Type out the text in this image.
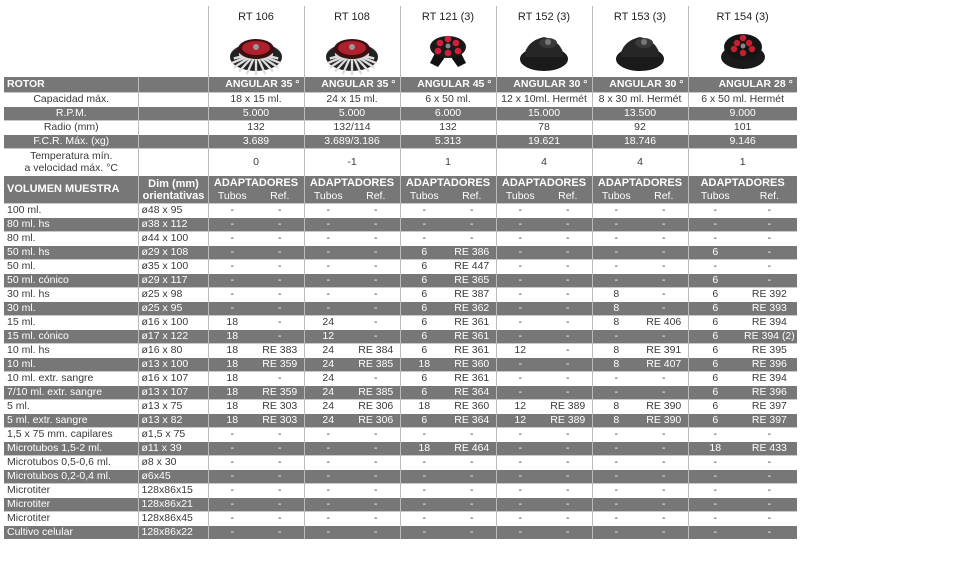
		RT 106		RT 108		RT 121 (3)		RT 152 (3)		RT 153 (3)		RT 154 (3)	

ROTOR		ANGULAR 35 °		ANGULAR 35 °		ANGULAR 45 °		ANGULAR 30 °		ANGULAR 30 °		ANGULAR 28 °	
Capacidad máx.		18 x 15 ml.		24 x 15 ml.		6 x 50 ml.		12 x 10ml. Hermét		8 x 30 ml. Hermét		6 x 50 ml. Hermét	
R.P.M.		5.000		5.000		6.000		15.000		13.500		9.000	
Radio (mm)		132		132/114		132		78		92		101	
F.C.R. Máx. (xg)		3.689		3.689/3.186		5.313		19.621		18.746		9.146	

Temperatura mín.
a velocidad máx. °C		0		-1		1		4		4		1	
VOLUMEN MUESTRA	Dim (mm)
orientativas	ADAPTADORES		ADAPTADORES		ADAPTADORES		ADAPTADORES		ADAPTADORES		ADAPTADORES	
		Tubos	Ref.	Tubos	Ref.	Tubos	Ref.	Tubos	Ref.	Tubos	Ref.	Tubos	Ref.
100 ml.	ø48 x 95	-	-	-	-	-	-	-	-	-	-	-	-
80 ml. hs	ø38 x 112	-	-	-	-	-	-	-	-	-	-	-	-
80 ml.	ø44 x 100	-	-	-	-	-	-	-	-	-	-	-	-
50 ml. hs	ø29 x 108	-	-	-	-	6	RE 386	-	-	-	-	6	-
50 ml.	ø35 x 100	-	-	-	-	6	RE 447	-	-	-	-	-	-
50 ml. cónico	ø29 x 117	-	-	-	-	6	RE 365	-	-	-	-	6	-
30 ml. hs	ø25 x 98	-	-	-	-	6	RE 387	-	-	8	-	6	RE 392
30 ml.	ø25 x 95	-	-	-	-	6	RE 362	-	-	8	-	6	RE 393
15 ml.	ø16 x 100	18	-	24	-	6	RE 361	-	-	8	RE 406	6	RE 394
15 ml. cónico	ø17 x 122	18	-	12	-	6	RE 361	-	-	-	-	6	RE 394 (2)
10 ml. hs	ø16 x 80	18	RE 383	24	RE 384	6	RE 361	12	-	8	RE 391	6	RE 395
10 ml.	ø13 x 100	18	RE 359	24	RE 385	18	RE 360	-	-	8	RE 407	6	RE 396
10 ml. extr. sangre	ø16 x 107	18	-	24	-	6	RE 361	-	-	-	-	6	RE 394
7/10 ml. extr. sangre	ø13 x 107	18	RE 359	24	RE 385	6	RE 364	-	-	-	-	6	RE 396
5 ml.	ø13 x 75	18	RE 303	24	RE 306	18	RE 360	12	RE 389	8	RE 390	6	RE 397
5 ml. extr. sangre	ø13 x 82	18	RE 303	24	RE 306	6	RE 364	12	RE 389	8	RE 390	6	RE 397
1,5 x 75 mm. capilares	ø1,5 x 75	-	-	-	-	-	-	-	-	-	-	-	-
Microtubos 1,5-2 ml.	ø11 x 39	-	-	-	-	18	RE 464	-	-	-	-	18	RE 433
Microtubos 0,5-0,6 ml.	ø8 x 30	-	-	-	-	-	-	-	-	-	-	-	-
Microtubos 0,2-0,4 ml.	ø6x45	-	-	-	-	-	-	-	-	-	-	-	-
Microtiter	128x86x15	-	-	-	-	-	-	-	-	-	-	-	-
Microtiter	128x86x21	-	-	-	-	-	-	-	-	-	-	-	-
Microtiter	128x86x45	-	-	-	-	-	-	-	-	-	-	-	-
Cultivo celular	128x86x22	-	-	-	-	-	-	-	-	-	-	-	-
